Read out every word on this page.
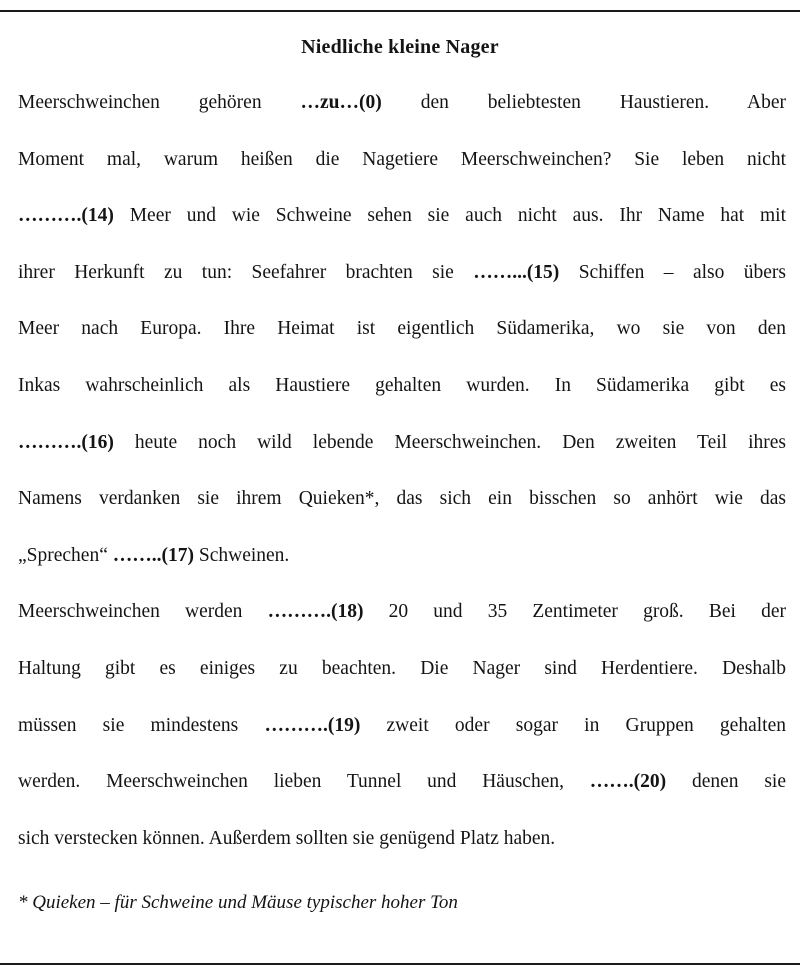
Niedliche kleine Nager
Meerschweinchen gehören …zu…(0) den beliebtesten Haustieren. Aber
Moment mal, warum heißen die Nagetiere Meerschweinchen? Sie leben nicht
……….(14) Meer und wie Schweine sehen sie auch nicht aus. Ihr Name hat mit
ihrer Herkunft zu tun: Seefahrer brachten sie ……...(15) Schiffen – also übers
Meer nach Europa. Ihre Heimat ist eigentlich Südamerika, wo sie von den
Inkas wahrscheinlich als Haustiere gehalten wurden. In Südamerika gibt es
……….(16) heute noch wild lebende Meerschweinchen. Den zweiten Teil ihres
Namens verdanken sie ihrem Quieken*, das sich ein bisschen so anhört wie das
„Sprechen“ ……..(17) Schweinen.
Meerschweinchen werden ……….(18) 20 und 35 Zentimeter groß. Bei der
Haltung gibt es einiges zu beachten. Die Nager sind Herdentiere. Deshalb
müssen sie mindestens ……….(19) zweit oder sogar in Gruppen gehalten
werden. Meerschweinchen lieben Tunnel und Häuschen, …….(20) denen sie
sich verstecken können. Außerdem sollten sie genügend Platz haben.
* Quieken – für Schweine und Mäuse typischer hoher Ton
